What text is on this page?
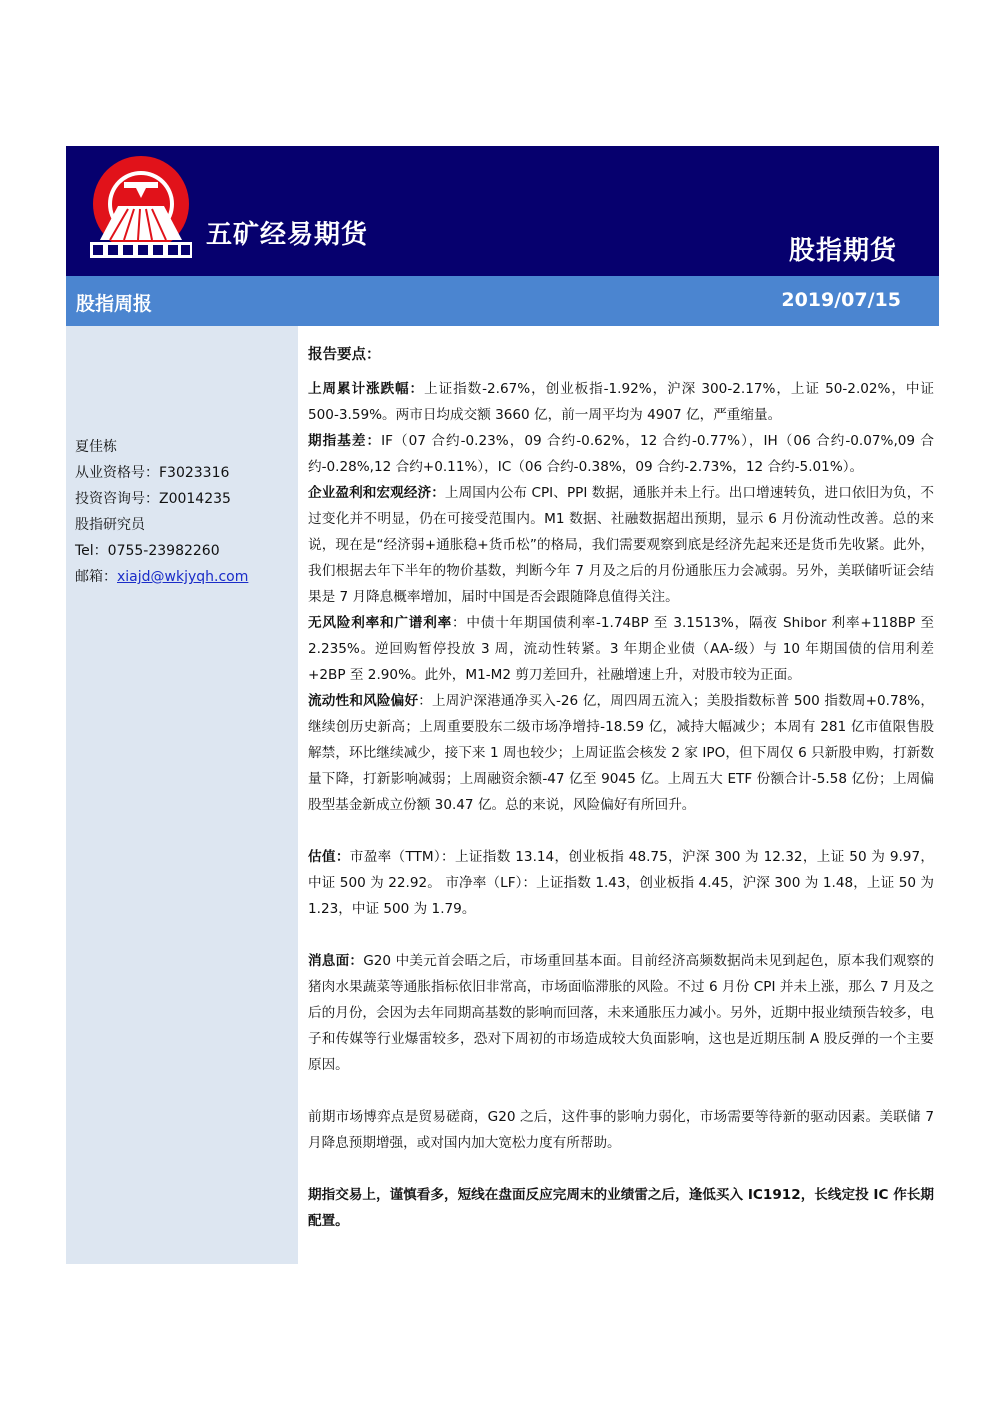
五矿经易期货
股指期货
股指周报	2019/07/15
夏佳栋
从业资格号：F3023316
投资咨询号：Z0014235
股指研究员
Tel：0755-23982260
邮箱：xiajd@wkjyqh.com

报告要点：

上周累计涨跌幅：上证指数-2.67%，创业板指-1.92%，沪深 300-2.17%，上证 50-2.02%，中证 500-3.59%。两市日均成交额 3660 亿，前一周平均为 4907 亿，严重缩量。

期指基差：IF（07 合约-0.23%，09 合约-0.62%，12 合约-0.77%），IH（06 合约-0.07%,09 合约-0.28%,12 合约+0.11%），IC（06 合约-0.38%，09 合约-2.73%，12 合约-5.01%）。

企业盈利和宏观经济：上周国内公布 CPI、PPI 数据，通胀并未上行。出口增速转负，进口依旧为负，不过变化并不明显，仍在可接受范围内。M1 数据、社融数据超出预期，显示 6 月份流动性改善。总的来说，现在是“经济弱+通胀稳+货币松”的格局，我们需要观察到底是经济先起来还是货币先收紧。此外，我们根据去年下半年的物价基数，判断今年 7 月及之后的月份通胀压力会减弱。另外，美联储听证会结果是 7 月降息概率增加，届时中国是否会跟随降息值得关注。

无风险利率和广谱利率：中债十年期国债利率-1.74BP 至 3.1513%，隔夜 Shibor 利率+118BP 至 2.235%。逆回购暂停投放 3 周，流动性转紧。3 年期企业债（AA-级）与 10 年期国债的信用利差+2BP 至 2.90%。此外，M1-M2 剪刀差回升，社融增速上升，对股市较为正面。

流动性和风险偏好：上周沪深港通净买入-26 亿，周四周五流入；美股指数标普 500 指数周+0.78%，继续创历史新高；上周重要股东二级市场净增持-18.59 亿，减持大幅减少；本周有 281 亿市值限售股解禁，环比继续减少，接下来 1 周也较少；上周证监会核发 2 家 IPO，但下周仅 6 只新股申购，打新数量下降，打新影响减弱；上周融资余额-47 亿至 9045 亿。上周五大 ETF 份额合计-5.58 亿份；上周偏股型基金新成立份额 30.47 亿。总的来说，风险偏好有所回升。

估值：市盈率（TTM）：上证指数 13.14，创业板指 48.75，沪深 300 为 12.32，上证 50 为 9.97，中证 500 为 22.92。 市净率（LF）：上证指数 1.43，创业板指 4.45，沪深 300 为 1.48，上证 50 为 1.23，中证 500 为 1.79。

消息面：G20 中美元首会晤之后，市场重回基本面。目前经济高频数据尚未见到起色，原本我们观察的猪肉水果蔬菜等通胀指标依旧非常高，市场面临滞胀的风险。不过 6 月份 CPI 并未上涨，那么 7 月及之后的月份，会因为去年同期高基数的影响而回落，未来通胀压力减小。另外，近期中报业绩预告较多，电子和传媒等行业爆雷较多，恐对下周初的市场造成较大负面影响，这也是近期压制 A 股反弹的一个主要原因。

前期市场博弈点是贸易磋商，G20 之后，这件事的影响力弱化，市场需要等待新的驱动因素。美联储 7 月降息预期增强，或对国内加大宽松力度有所帮助。

期指交易上，谨慎看多，短线在盘面反应完周末的业绩雷之后，逢低买入 IC1912，长线定投 IC 作长期配置。
